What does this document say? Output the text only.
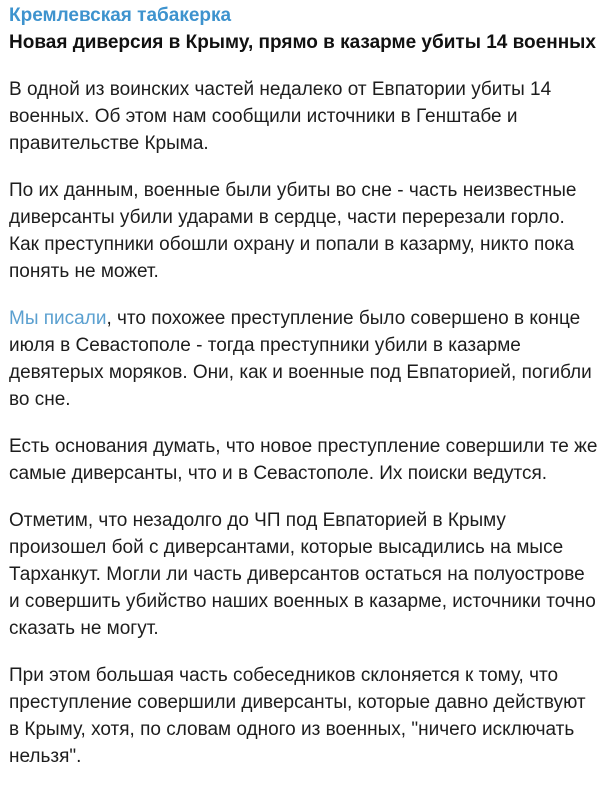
Кремлевская табакерка
Новая диверсия в Крыму, прямо в казарме убиты 14 военных

В одной из воинских частей недалеко от Евпатории убиты 14 военных. Об этом нам сообщили источники в Генштабе и правительстве Крыма.

По их данным, военные были убиты во сне - часть неизвестные диверсанты убили ударами в сердце, части перерезали горло. Как преступники обошли охрану и попали в казарму, никто пока понять не может.

Мы писали, что похожее преступление было совершено в конце июля в Севастополе - тогда преступники убили в казарме девятерых моряков. Они, как и военные под Евпаторией, погибли во сне.

Есть основания думать, что новое преступление совершили те же самые диверсанты, что и в Севастополе. Их поиски ведутся.

Отметим, что незадолго до ЧП под Евпаторией в Крыму произошел бой с диверсантами, которые высадились на мысе Тарханкут. Могли ли часть диверсантов остаться на полуострове и совершить убийство наших военных в казарме, источники точно сказать не могут.

При этом большая часть собеседников склоняется к тому, что преступление совершили диверсанты, которые давно действуют в Крыму, хотя, по словам одного из военных, "ничего исключать нельзя".
